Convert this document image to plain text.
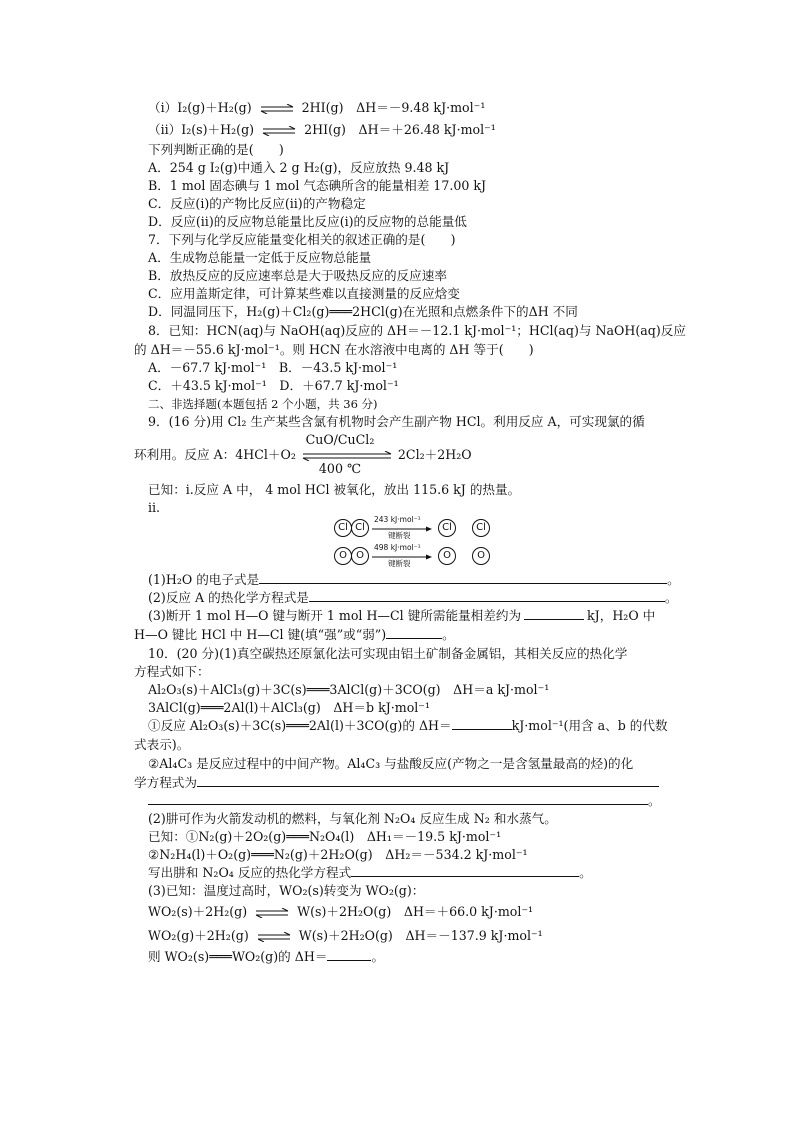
（ⅰ）I₂(g)＋H₂(g) ⇌ 2HI(g)　ΔH＝－9.48 kJ·mol⁻¹
（ⅱ）I₂(s)＋H₂(g) ⇌ 2HI(g)　ΔH＝＋26.48 kJ·mol⁻¹
下列判断正确的是(　　)
A．254 g I₂(g)中通入 2 g H₂(g)，反应放热 9.48 kJ
B．1 mol 固态碘与 1 mol 气态碘所含的能量相差 17.00 kJ
C．反应(ⅰ)的产物比反应(ⅱ)的产物稳定
D．反应(ⅱ)的反应物总能量比反应(ⅰ)的反应物的总能量低
7．下列与化学反应能量变化相关的叙述正确的是(　　)
A．生成物总能量一定低于反应物总能量
B．放热反应的反应速率总是大于吸热反应的反应速率
C．应用盖斯定律，可计算某些难以直接测量的反应焓变
D．同温同压下，H₂(g)＋Cl₂(g)═══2HCl(g)在光照和点燃条件下的ΔH 不同
8．已知：HCN(aq)与 NaOH(aq)反应的 ΔH＝－12.1 kJ·mol⁻¹；HCl(aq)与 NaOH(aq)反应
的 ΔH＝－55.6 kJ·mol⁻¹。则 HCN 在水溶液中电离的 ΔH 等于(　　)
A．－67.7 kJ·mol⁻¹　B．－43.5 kJ·mol⁻¹
C．＋43.5 kJ·mol⁻¹　D．＋67.7 kJ·mol⁻¹
二、非选择题(本题包括 2 个小题，共 36 分)
9．(16 分)用 Cl₂ 生产某些含氯有机物时会产生副产物 HCl。利用反应 A，可实现氯的循
CuO/CuCl₂
环利用。反应 A：4HCl＋O₂	2Cl₂＋2H₂O
400 ℃
已知：ⅰ.反应 A 中， 4 mol HCl 被氧化，放出 115.6 kJ 的热量。
ⅱ.
Cl Cl
243 kJ·mol⁻¹
键断裂
Cl	Cl
O O
498 kJ·mol⁻¹
键断裂
O	O
(1)H₂O 的电子式是	。
(2)反应 A 的热化学方程式是	。
(3)断开 1 mol H—O 键与断开 1 mol H—Cl 键所需能量相差约为	kJ，H₂O 中
H—O 键比 HCl 中 H—Cl 键(填“强”或“弱”)	。
10．(20 分)(1)真空碳热还原氯化法可实现由铝土矿制备金属铝，其相关反应的热化学
方程式如下：
Al₂O₃(s)＋AlCl₃(g)＋3C(s)═══3AlCl(g)＋3CO(g)　ΔH＝a kJ·mol⁻¹
3AlCl(g)═══2Al(l)＋AlCl₃(g)　ΔH＝b kJ·mol⁻¹
①反应 Al₂O₃(s)＋3C(s)═══2Al(l)＋3CO(g)的 ΔH＝	kJ·mol⁻¹(用含 a、b 的代数
式表示)。
②Al₄C₃ 是反应过程中的中间产物。Al₄C₃ 与盐酸反应(产物之一是含氢量最高的烃)的化
学方程式为
。
(2)肼可作为火箭发动机的燃料，与氧化剂 N₂O₄ 反应生成 N₂ 和水蒸气。
已知：①N₂(g)＋2O₂(g)═══N₂O₄(l)　ΔH₁＝－19.5 kJ·mol⁻¹
②N₂H₄(l)＋O₂(g)═══N₂(g)＋2H₂O(g)　ΔH₂＝－534.2 kJ·mol⁻¹
写出肼和 N₂O₄ 反应的热化学方程式	。
(3)已知：温度过高时，WO₂(s)转变为 WO₂(g)：
WO₂(s)＋2H₂(g) ⇌ W(s)＋2H₂O(g)　ΔH＝＋66.0 kJ·mol⁻¹
WO₂(g)＋2H₂(g) ⇌ W(s)＋2H₂O(g)　ΔH＝－137.9 kJ·mol⁻¹
则 WO₂(s)═══WO₂(g)的 ΔH＝	。
